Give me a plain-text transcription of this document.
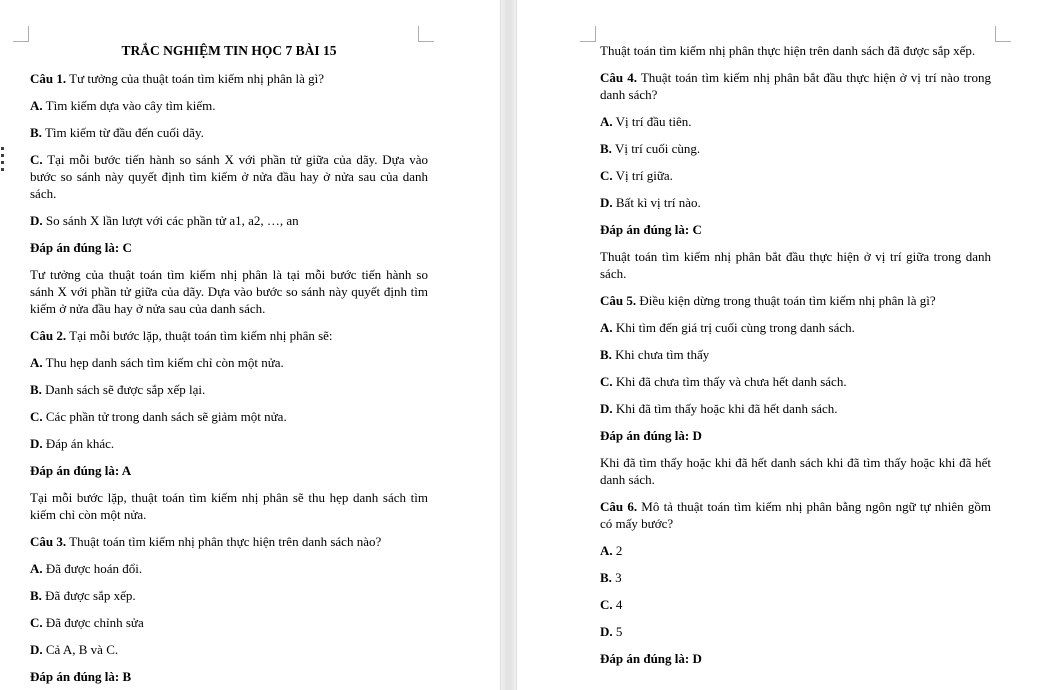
TRẮC NGHIỆM TIN HỌC 7 BÀI 15

Câu 1. Tư tưởng của thuật toán tìm kiếm nhị phân là gì?

A. Tìm kiếm dựa vào cây tìm kiếm.

B. Tìm kiếm từ đầu đến cuối dãy.

C. Tại mỗi bước tiến hành so sánh X với phần tử giữa của dãy. Dựa vào bước so sánh này quyết định tìm kiếm ở nửa đầu hay ở nửa sau của danh sách.

D. So sánh X lần lượt với các phần tử a1, a2, …, an

Đáp án đúng là: C

Tư tưởng của thuật toán tìm kiếm nhị phân là tại mỗi bước tiến hành so sánh X với phần tử giữa của dãy. Dựa vào bước so sánh này quyết định tìm kiếm ở nửa đầu hay ở nửa sau của danh sách.

Câu 2. Tại mỗi bước lặp, thuật toán tìm kiếm nhị phân sẽ:

A. Thu hẹp danh sách tìm kiếm chỉ còn một nửa.

B. Danh sách sẽ được sắp xếp lại.

C. Các phần tử trong danh sách sẽ giảm một nửa.

D. Đáp án khác.

Đáp án đúng là: A

Tại mỗi bước lặp, thuật toán tìm kiếm nhị phân sẽ thu hẹp danh sách tìm kiếm chỉ còn một nửa.

Câu 3. Thuật toán tìm kiếm nhị phân thực hiện trên danh sách nào?

A. Đã được hoán đổi.

B. Đã được sắp xếp.

C. Đã được chỉnh sửa

D. Cả A, B và C.

Đáp án đúng là: B

Thuật toán tìm kiếm nhị phân thực hiện trên danh sách đã được sắp xếp.

Câu 4. Thuật toán tìm kiếm nhị phân bắt đầu thực hiện ở vị trí nào trong danh sách?

A. Vị trí đầu tiên.

B. Vị trí cuối cùng.

C. Vị trí giữa.

D. Bất kì vị trí nào.

Đáp án đúng là: C

Thuật toán tìm kiếm nhị phân bắt đầu thực hiện ở vị trí giữa trong danh sách.

Câu 5. Điều kiện dừng trong thuật toán tìm kiếm nhị phân là gì?

A. Khi tìm đến giá trị cuối cùng trong danh sách.

B. Khi chưa tìm thấy

C. Khi đã chưa tìm thấy và chưa hết danh sách.

D. Khi đã tìm thấy hoặc khi đã hết danh sách.

Đáp án đúng là: D

Khi đã tìm thấy hoặc khi đã hết danh sách khi đã tìm thấy hoặc khi đã hết danh sách.

Câu 6. Mô tả thuật toán tìm kiếm nhị phân bằng ngôn ngữ tự nhiên gồm có mấy bước?

A. 2

B. 3

C. 4

D. 5

Đáp án đúng là: D
